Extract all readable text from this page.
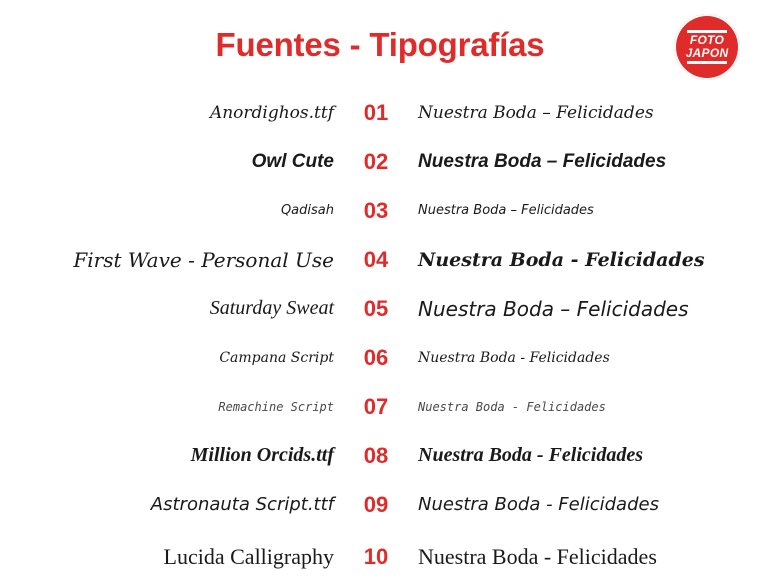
Fuentes - Tipografías	FOTO
JAPON
Anordighos.ttf	01	Nuestra Boda – Felicidades
Owl Cute	02	Nuestra Boda – Felicidades
Qadisah	03	Nuestra Boda – Felicidades
First Wave - Personal Use	04	Nuestra Boda - Felicidades
Saturday Sweat	05	Nuestra Boda – Felicidades
Campana Script	06	Nuestra Boda - Felicidades
Remachine Script	07	Nuestra Boda - Felicidades
Million Orcids.ttf	08	Nuestra Boda - Felicidades
Astronauta Script.ttf	09	Nuestra Boda - Felicidades
Lucida Calligraphy	10	Nuestra Boda - Felicidades
